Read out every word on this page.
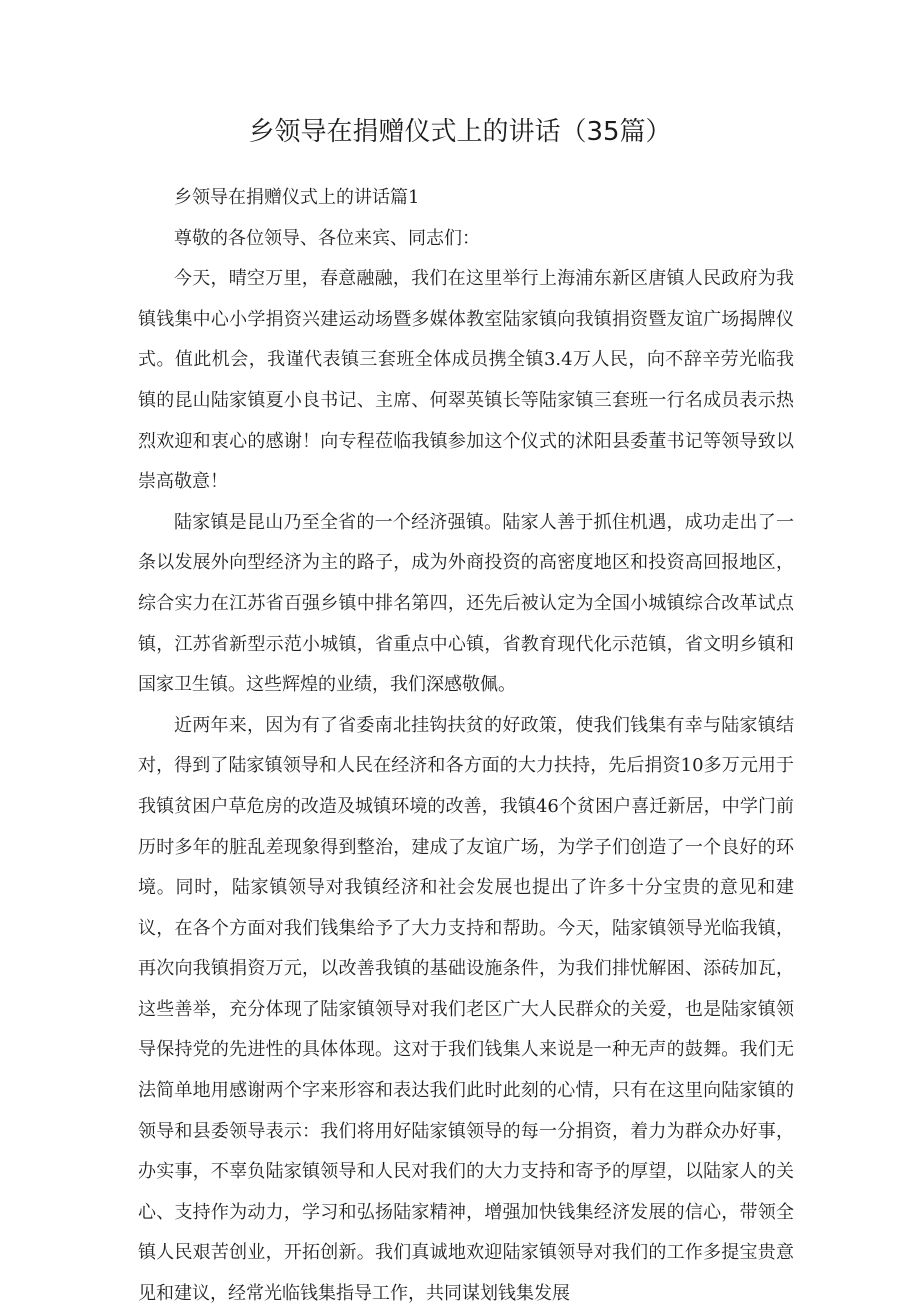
乡领导在捐赠仪式上的讲话（35篇）

乡领导在捐赠仪式上的讲话篇1

尊敬的各位领导、各位来宾、同志们：

今天，晴空万里，春意融融，我们在这里举行上海浦东新区唐镇人民政府为我镇钱集中心小学捐资兴建运动场暨多媒体教室陆家镇向我镇捐资暨友谊广场揭牌仪式。值此机会，我谨代表镇三套班全体成员携全镇3.4万人民，向不辞辛劳光临我镇的昆山陆家镇夏小良书记、主席、何翠英镇长等陆家镇三套班一行名成员表示热烈欢迎和衷心的感谢！向专程莅临我镇参加这个仪式的沭阳县委董书记等领导致以崇高敬意！

陆家镇是昆山乃至全省的一个经济强镇。陆家人善于抓住机遇，成功走出了一条以发展外向型经济为主的路子，成为外商投资的高密度地区和投资高回报地区，综合实力在江苏省百强乡镇中排名第四，还先后被认定为全国小城镇综合改革试点镇，江苏省新型示范小城镇，省重点中心镇，省教育现代化示范镇，省文明乡镇和国家卫生镇。这些辉煌的业绩，我们深感敬佩。

近两年来，因为有了省委南北挂钩扶贫的好政策，使我们钱集有幸与陆家镇结对，得到了陆家镇领导和人民在经济和各方面的大力扶持，先后捐资10多万元用于我镇贫困户草危房的改造及城镇环境的改善，我镇46个贫困户喜迁新居，中学门前历时多年的脏乱差现象得到整治，建成了友谊广场，为学子们创造了一个良好的环境。同时，陆家镇领导对我镇经济和社会发展也提出了许多十分宝贵的意见和建议，在各个方面对我们钱集给予了大力支持和帮助。今天，陆家镇领导光临我镇，再次向我镇捐资万元，以改善我镇的基础设施条件，为我们排忧解困、添砖加瓦，这些善举，充分体现了陆家镇领导对我们老区广大人民群众的关爱，也是陆家镇领导保持党的先进性的具体体现。这对于我们钱集人来说是一种无声的鼓舞。我们无法简单地用感谢两个字来形容和表达我们此时此刻的心情，只有在这里向陆家镇的领导和县委领导表示：我们将用好陆家镇领导的每一分捐资，着力为群众办好事，办实事，不辜负陆家镇领导和人民对我们的大力支持和寄予的厚望，以陆家人的关心、支持作为动力，学习和弘扬陆家精神，增强加快钱集经济发展的信心，带领全镇人民艰苦创业，开拓创新。我们真诚地欢迎陆家镇领导对我们的工作多提宝贵意见和建议，经常光临钱集指导工作，共同谋划钱集发展
